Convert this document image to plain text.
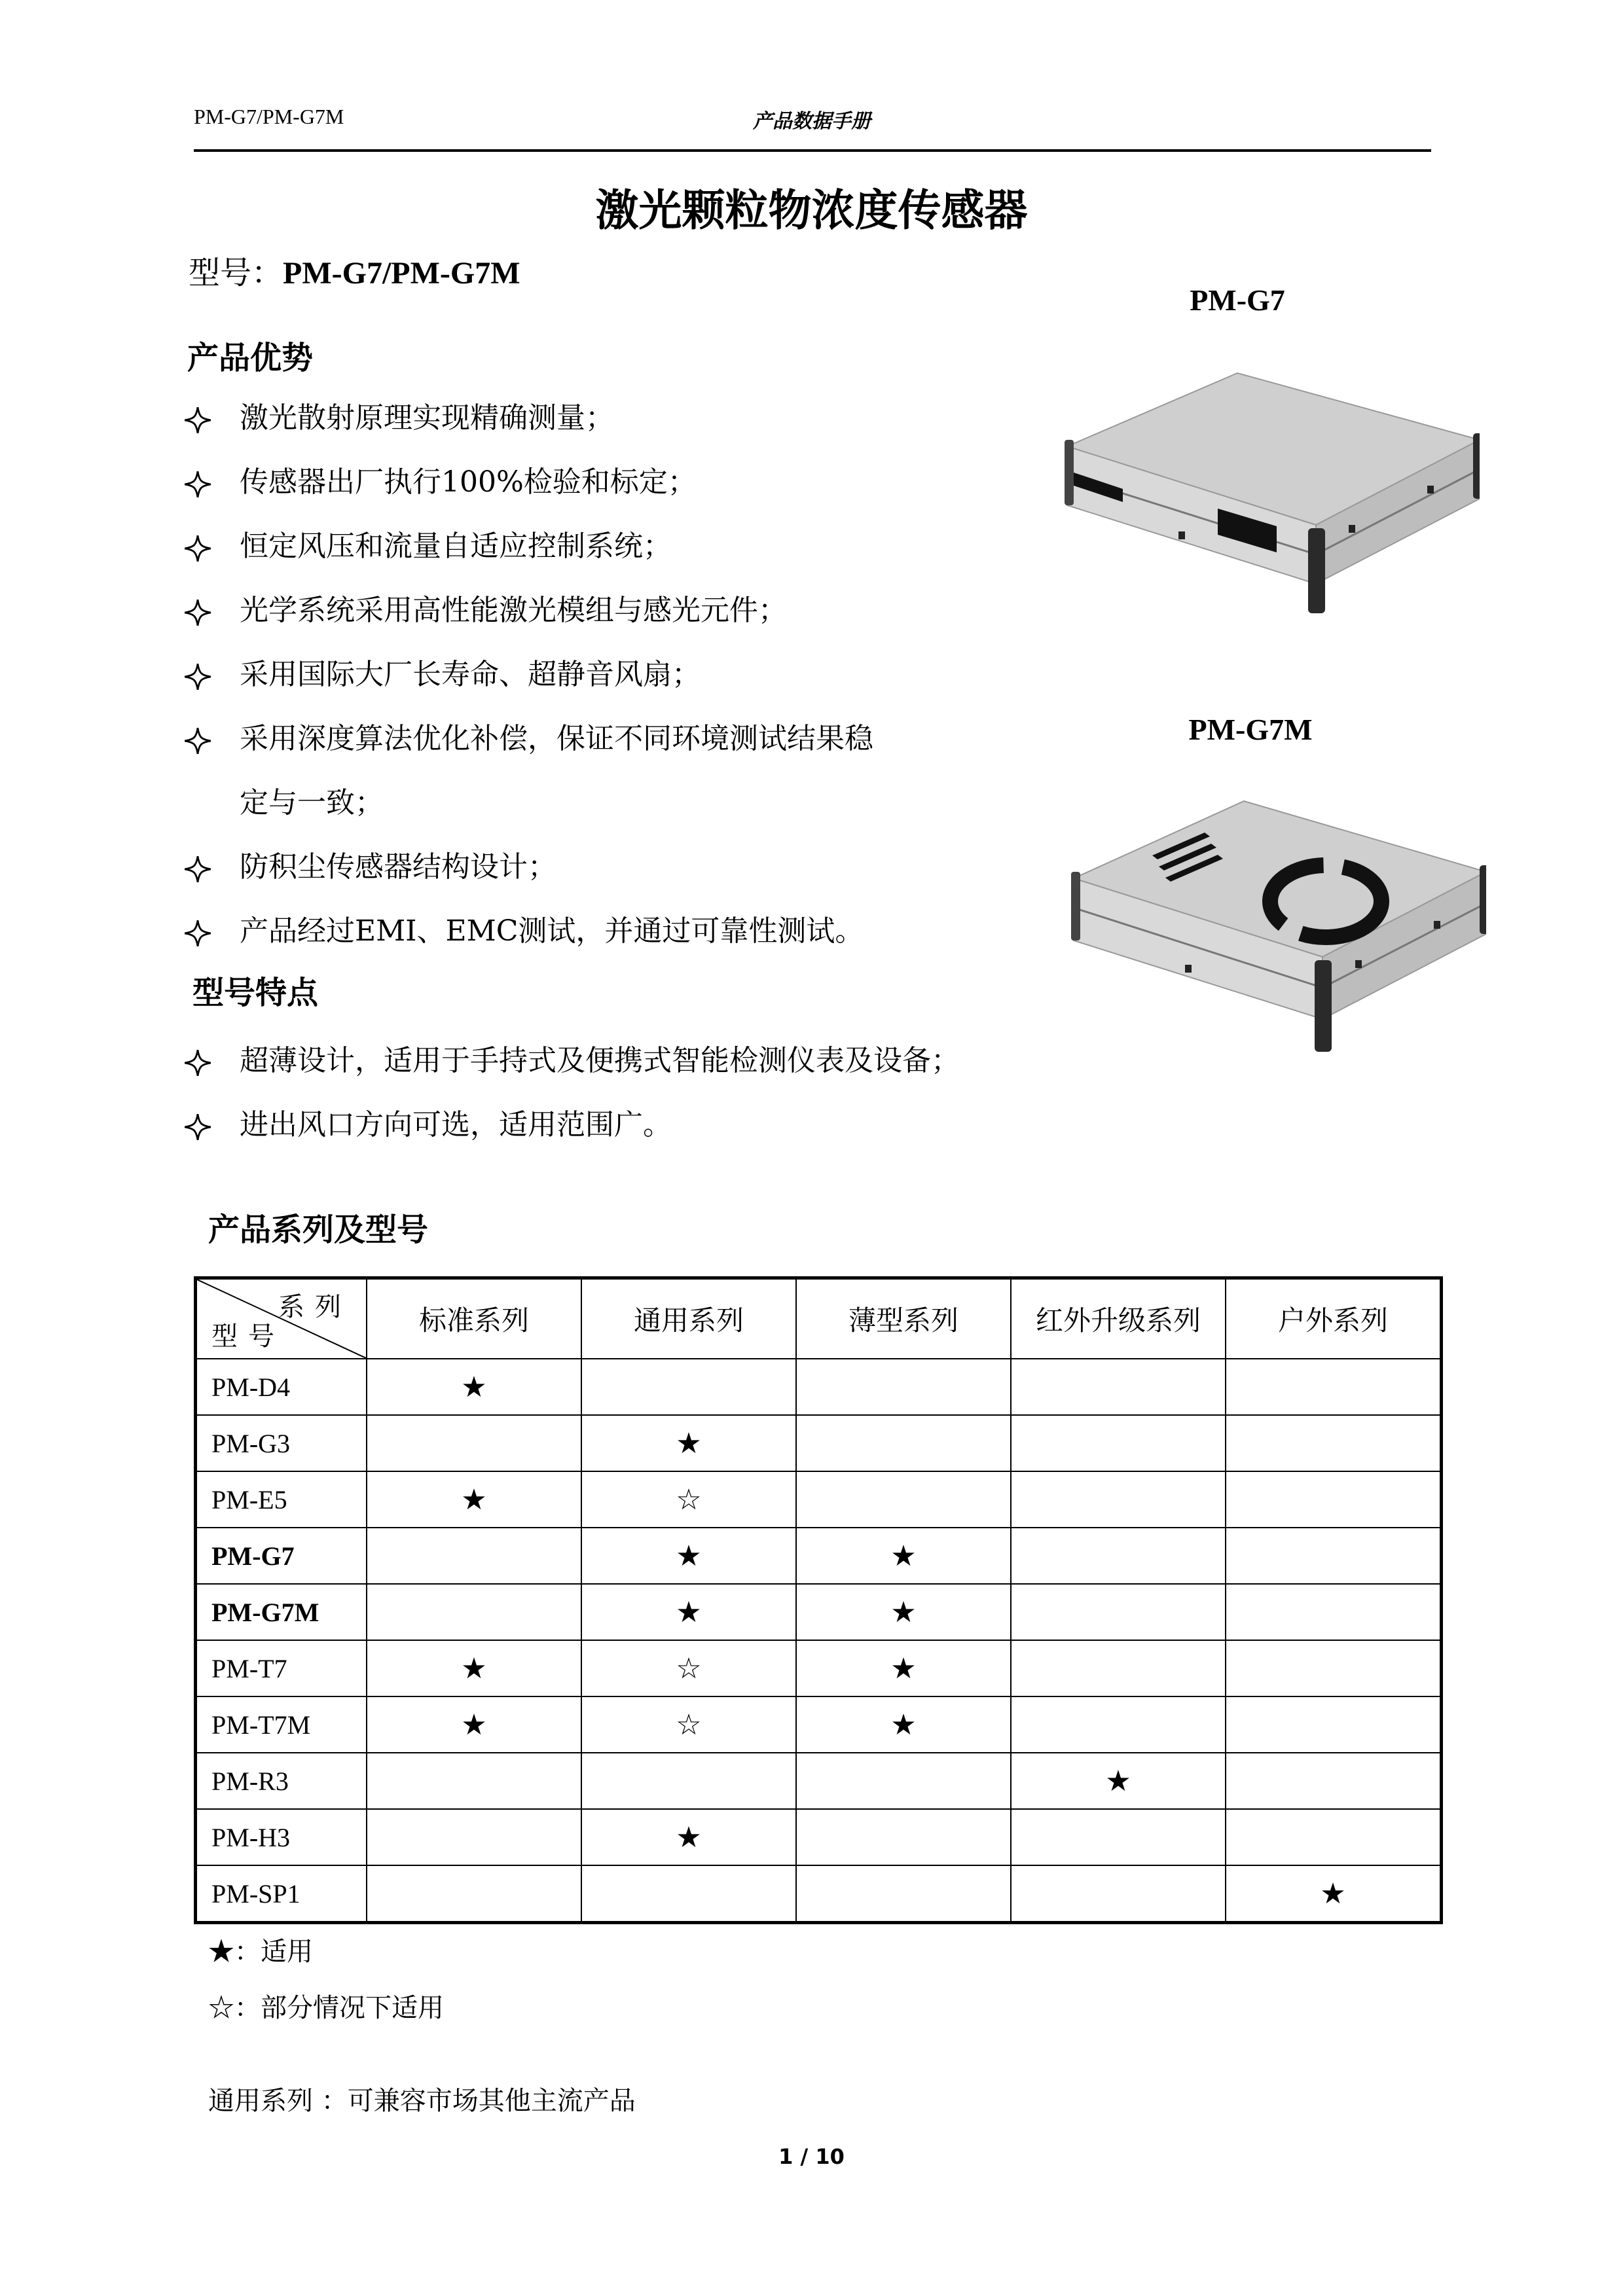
PM-G7/PM-G7M	产品数据手册
激光颗粒物浓度传感器
型号：PM-G7/PM-G7M
产品优势
激光散射原理实现精确测量；
传感器出厂执行100%检验和标定；
恒定风压和流量自适应控制系统；
光学系统采用高性能激光模组与感光元件；
采用国际大厂长寿命、超静音风扇；
采用深度算法优化补偿，保证不同环境测试结果稳
定与一致；
防积尘传感器结构设计；
产品经过EMI、EMC测试，并通过可靠性测试。
型号特点
超薄设计，适用于手持式及便携式智能检测仪表及设备；
进出风口方向可选，适用范围广。
PM-G7
PM-G7M
产品系列及型号
系列
型号	标准系列	通用系列	薄型系列	红外升级系列	户外系列
PM-D4	★				
PM-G3		★			
PM-E5	★	☆			
PM-G7		★	★		
PM-G7M		★	★		
PM-T7	★	☆	★		
PM-T7M	★	☆	★		
PM-R3				★	
PM-H3		★			
PM-SP1					★
★：适用
☆：部分情况下适用
通用系列 ：可兼容市场其他主流产品
1 / 10
